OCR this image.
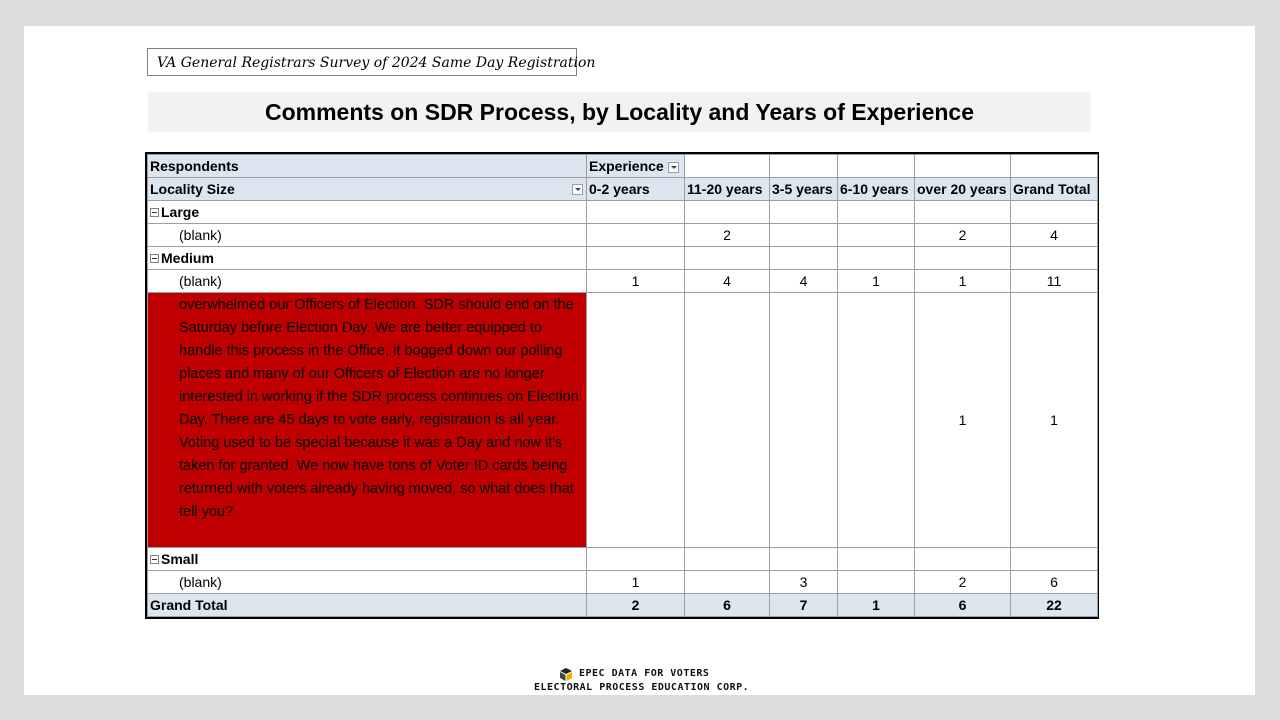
VA General Registrars Survey of 2024 Same Day Registration
Comments on SDR Process, by Locality and Years of Experience
Respondents	Experience					
Locality Size	0-2 years	11-20 years	3-5 years	6-10 years	over 20 years	Grand Total
Large						
(blank)		2			2	4
Medium						
(blank)	1	4	4	1	1	11
overwhelmed our Officers of Election. SDR should end on the Saturday before Election Day. We are better equipped to handle this process in the Office, it bogged down our polling places and many of our Officers of Election are no longer interested in working if the SDR process continues on Election Day. There are 45 days to vote early, registration is all year. Voting used to be special because it was a Day and now it's taken for granted. We now have tons of Voter ID cards being returned with voters already having moved, so what does that tell you?					1	1
Small						
(blank)	1		3		2	6
Grand Total	2	6	7	1	6	22
EPEC DATA FOR VOTERS
ELECTORAL PROCESS EDUCATION CORP.
